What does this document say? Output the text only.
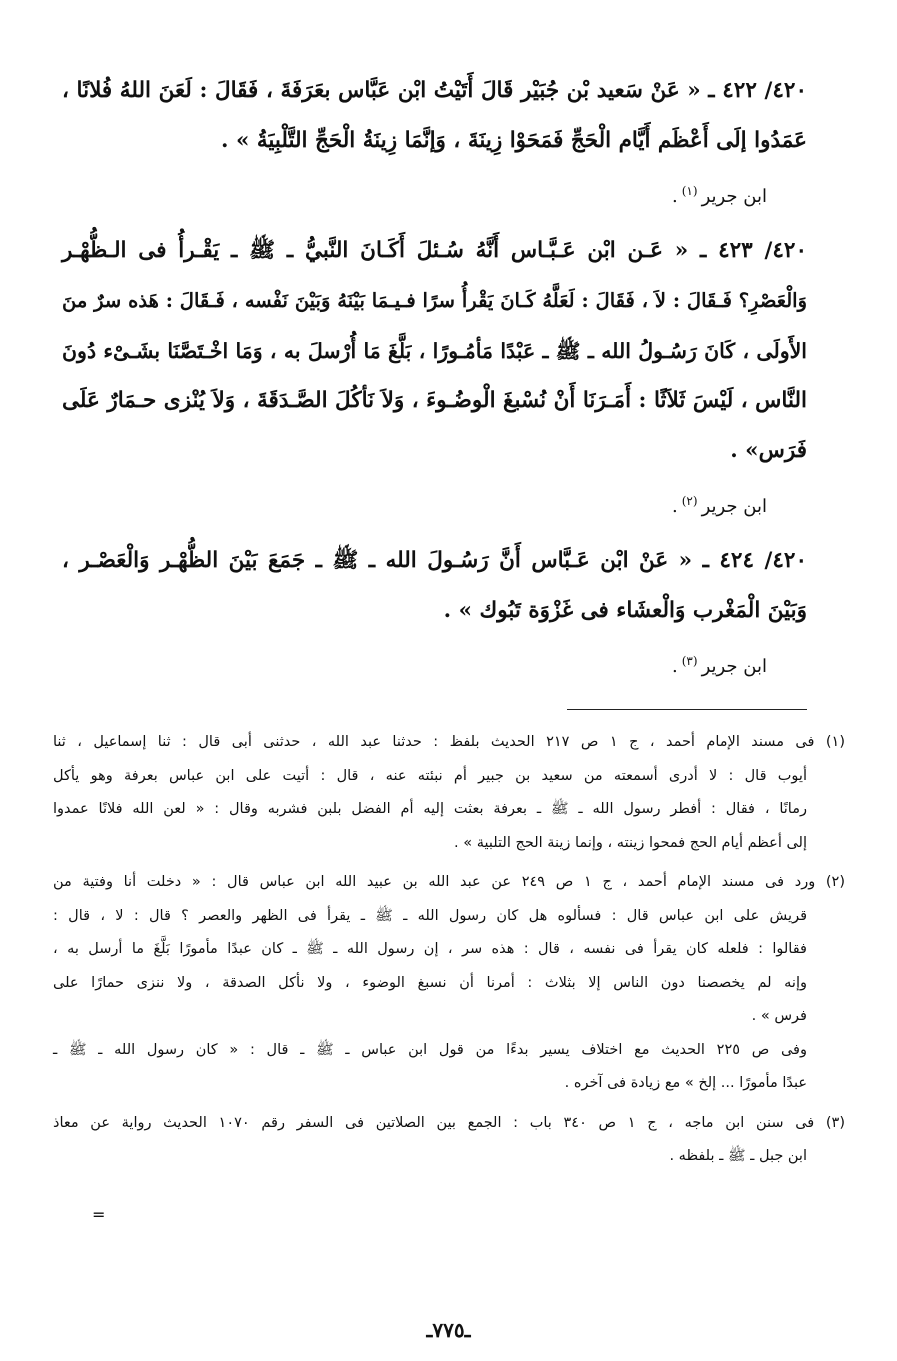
٤٢٠/ ٤٢٢ ـ « عَنْ سَعيد بْن جُبَيْر قَالَ أَتَيْتُ ابْن عَبَّاس بعَرَفَةَ ، فَقَالَ : لَعَنَ اللهُ فُلانًا ،
عَمَدُوا إلَى أَعْظَم أَيَّام الْحَجِّ فَمَحَوْا زِينَةَ ، وَإنَّمَا زِينَةُ الْحَجِّ التَّلْبِيَةُ » .
ابن جرير$^{(١)}$.
٤٢٠/ ٤٢٣ ـ « عَـن ابْن عَـبَّـاس أَنَّهُ سُـئلَ أَكَـانَ النَّبيُّ ـ ﷺ ـ يَقْـرأُ فى الـظُّهْـر
وَالْعَصْرِ؟ فَـقَالَ : لاَ ، فَقَالَ : لَعَلَّهُ كَـانَ يَقْرأُ سرًا فـيـمَا بَيْنَهُ وَبَيْنَ نَفْسه ، فَـقَالَ : هَذه سرٌ منَ
الأَولَى ، كَانَ رَسُـولُ الله ـ ﷺ ـ عَبْدًا مَأمُـورًا ، بَلَّغَ مَا أُرْسلَ به ، وَمَا اخْـتَصَّنَا بشَـىْء دُونَ
النَّاس ، لَيْسَ ثَلاَثًا : أَمَـرَنَا أَنْ نُسْبغَ الْوضُـوءَ ، وَلاَ نَأكُلَ الصَّـدَقَةَ ، وَلاَ يُنْزى حـمَارٌ عَلَى
فَرَس» .
ابن جرير$^{(٢)}$.
٤٢٠/ ٤٢٤ ـ « عَنْ ابْن عَـبَّاس أَنَّ رَسُـولَ الله ـ ﷺ ـ جَمَعَ بَيْنَ الظُّهْـر وَالْعَصْـر ،
وَبَيْنَ الْمَغْرب وَالْعشَاء فى غَزْوَة تَبُوك » .
ابن جرير$^{(٣)}$.
(١) فى مسند الإمام أحمد ، ج ١ ص ٢١٧ الحديث بلفظ : حدثنا عبد الله ، حدثنى أبى قال : ثنا إسماعيل ، ثنا
أيوب قال : لا أدرى أسمعته من سعيد بن جبير أم نبئته عنه ، قال : أتيت على ابن عباس بعرفة وهو يأكل
رمانًا ، فقال : أفطر رسول الله ـ ﷺ ـ بعرفة بعثت إليه أم الفضل بلبن فشربه وقال : « لعن الله فلانًا عمدوا
إلى أعظم أيام الحج فمحوا زينته ، وإنما زينة الحج التلبية » .
(٢) ورد فى مسند الإمام أحمد ، ج ١ ص ٢٤٩ عن عبد الله بن عبيد الله ابن عباس قال : « دخلت أنا وفتية من
قريش على ابن عباس قال : فسألوه هل كان رسول الله ـ ﷺ ـ يقرأ فى الظهر والعصر ؟ قال : لا ، قال :
فقالوا : فلعله كان يقرأ فى نفسه ، قال : هذه سر ، إن رسول الله ـ ﷺ ـ كان عبدًا مأمورًا بَلَّغَ ما أرسل به ،
وإنه لم يخصصنا دون الناس إلا بثلاث : أمرنا أن نسبغ الوضوء ، ولا نأكل الصدقة ، ولا ننزى حمارًا على
فرس » .
وفى ص ٢٢٥ الحديث مع اختلاف يسير بدءًا من قول ابن عباس ـ ﷺ ـ قال : « كان رسول الله ـ ﷺ ـ
عبدًا مأمورًا ... إلخ » مع زيادة فى آخره .
(٣) فى سنن ابن ماجه ، ج ١ ص ٣٤٠ باب : الجمع بين الصلاتين فى السفر رقم ١٠٧٠ الحديث رواية عن معاذ
ابن جبل ـ ﷺ ـ بلفظه .
=
ـ٧٧٥ـ
